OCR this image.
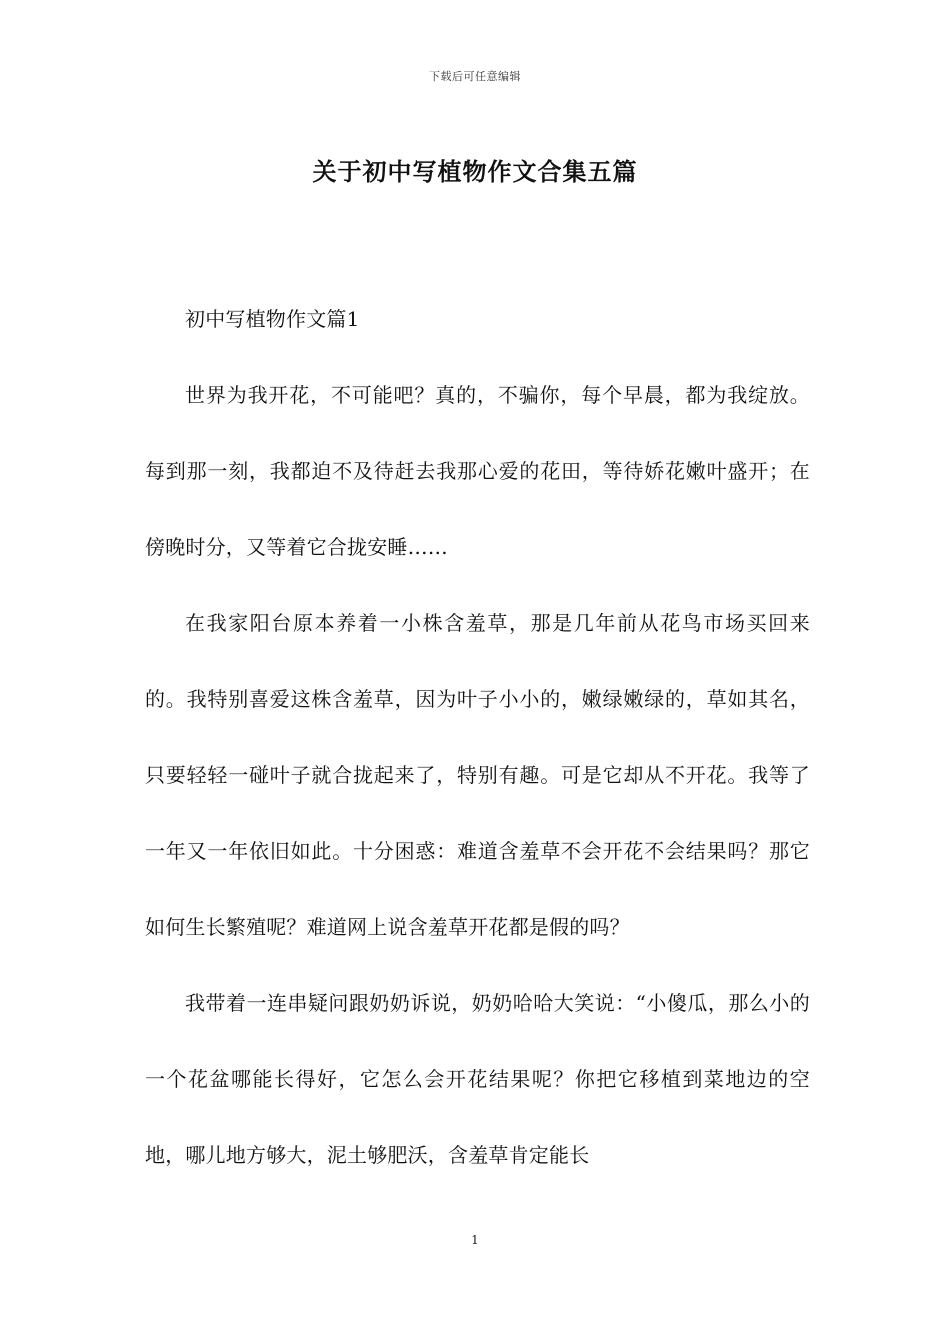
下载后可任意编辑
关于初中写植物作文合集五篇

初中写植物作文篇1

世界为我开花，不可能吧？真的，不骗你，每个早晨，都为我绽放。每到那一刻，我都迫不及待赶去我那心爱的花田，等待娇花嫩叶盛开；在傍晚时分，又等着它合拢安睡……

在我家阳台原本养着一小株含羞草，那是几年前从花鸟市场买回来的。我特别喜爱这株含羞草，因为叶子小小的，嫩绿嫩绿的，草如其名，只要轻轻一碰叶子就合拢起来了，特别有趣。可是它却从不开花。我等了一年又一年依旧如此。十分困惑：难道含羞草不会开花不会结果吗？那它如何生长繁殖呢？难道网上说含羞草开花都是假的吗？

我带着一连串疑问跟奶奶诉说，奶奶哈哈大笑说：“小傻瓜，那么小的一个花盆哪能长得好，它怎么会开花结果呢？你把它移植到菜地边的空地，哪儿地方够大，泥土够肥沃，含羞草肯定能长

1
